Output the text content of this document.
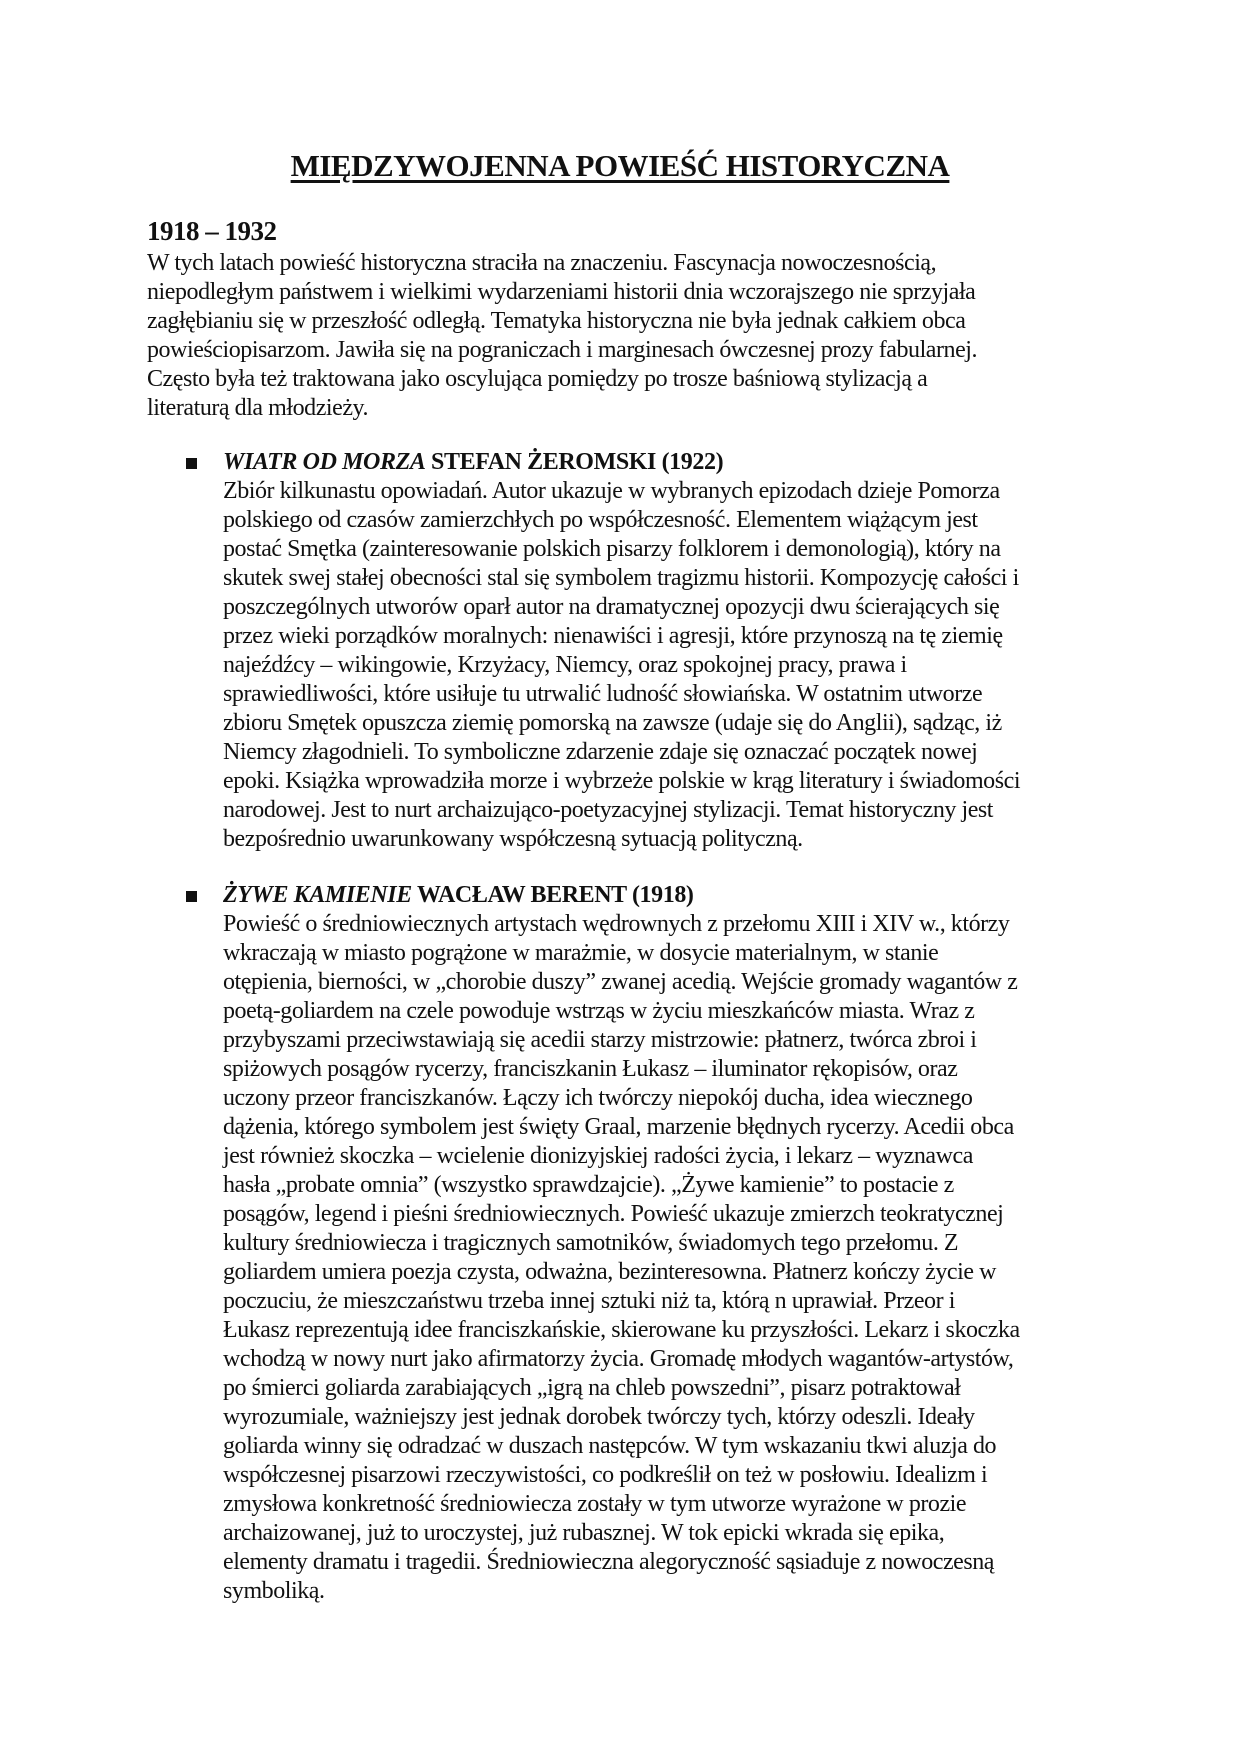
MIĘDZYWOJENNA POWIEŚĆ HISTORYCZNA
1918 – 1932
W tych latach powieść historyczna straciła na znaczeniu. Fascynacja nowoczesnością,
niepodległym państwem i wielkimi wydarzeniami historii dnia wczorajszego nie sprzyjała
zagłębianiu się w przeszłość odległą. Tematyka historyczna nie była jednak całkiem obca
powieściopisarzom. Jawiła się na pograniczach i marginesach ówczesnej prozy fabularnej.
Często była też traktowana jako oscylująca pomiędzy po trosze baśniową stylizacją a
literaturą dla młodzieży.
WIATR OD MORZA STEFAN ŻEROMSKI (1922)
Zbiór kilkunastu opowiadań. Autor ukazuje w wybranych epizodach dzieje Pomorza
polskiego od czasów zamierzchłych po współczesność. Elementem wiążącym jest
postać Smętka (zainteresowanie polskich pisarzy folklorem i demonologią), który na
skutek swej stałej obecności stal się symbolem tragizmu historii. Kompozycję całości i
poszczególnych utworów oparł autor na dramatycznej opozycji dwu ścierających się
przez wieki porządków moralnych: nienawiści i agresji, które przynoszą na tę ziemię
najeźdźcy – wikingowie, Krzyżacy, Niemcy, oraz spokojnej pracy, prawa i
sprawiedliwości, które usiłuje tu utrwalić ludność słowiańska. W ostatnim utworze
zbioru Smętek opuszcza ziemię pomorską na zawsze (udaje się do Anglii), sądząc, iż
Niemcy złagodnieli. To symboliczne zdarzenie zdaje się oznaczać początek nowej
epoki. Książka wprowadziła morze i wybrzeże polskie w krąg literatury i świadomości
narodowej. Jest to nurt archaizująco-poetyzacyjnej stylizacji. Temat historyczny jest
bezpośrednio uwarunkowany współczesną sytuacją polityczną.
ŻYWE KAMIENIE WACŁAW BERENT (1918)
Powieść o średniowiecznych artystach wędrownych z przełomu XIII i XIV w., którzy
wkraczają w miasto pogrążone w marażmie, w dosycie materialnym, w stanie
otępienia, bierności, w „chorobie duszy” zwanej acedią. Wejście gromady wagantów z
poetą-goliardem na czele powoduje wstrząs w życiu mieszkańców miasta. Wraz z
przybyszami przeciwstawiają się acedii starzy mistrzowie: płatnerz, twórca zbroi i
spiżowych posągów rycerzy, franciszkanin Łukasz – iluminator rękopisów, oraz
uczony przeor franciszkanów. Łączy ich twórczy niepokój ducha, idea wiecznego
dążenia, którego symbolem jest święty Graal, marzenie błędnych rycerzy. Acedii obca
jest również skoczka – wcielenie dionizyjskiej radości życia, i lekarz – wyznawca
hasła „probate omnia” (wszystko sprawdzajcie). „Żywe kamienie” to postacie z
posągów, legend i pieśni średniowiecznych. Powieść ukazuje zmierzch teokratycznej
kultury średniowiecza i tragicznych samotników, świadomych tego przełomu. Z
goliardem umiera poezja czysta, odważna, bezinteresowna. Płatnerz kończy życie w
poczuciu, że mieszczaństwu trzeba innej sztuki niż ta, którą n uprawiał. Przeor i
Łukasz reprezentują idee franciszkańskie, skierowane ku przyszłości. Lekarz i skoczka
wchodzą w nowy nurt jako afirmatorzy życia. Gromadę młodych wagantów-artystów,
po śmierci goliarda zarabiających „igrą na chleb powszedni”, pisarz potraktował
wyrozumiale, ważniejszy jest jednak dorobek twórczy tych, którzy odeszli. Ideały
goliarda winny się odradzać w duszach następców. W tym wskazaniu tkwi aluzja do
współczesnej pisarzowi rzeczywistości, co podkreślił on też w posłowiu. Idealizm i
zmysłowa konkretność średniowiecza zostały w tym utworze wyrażone w prozie
archaizowanej, już to uroczystej, już rubasznej. W tok epicki wkrada się epika,
elementy dramatu i tragedii. Średniowieczna alegoryczność sąsiaduje z nowoczesną
symboliką.
